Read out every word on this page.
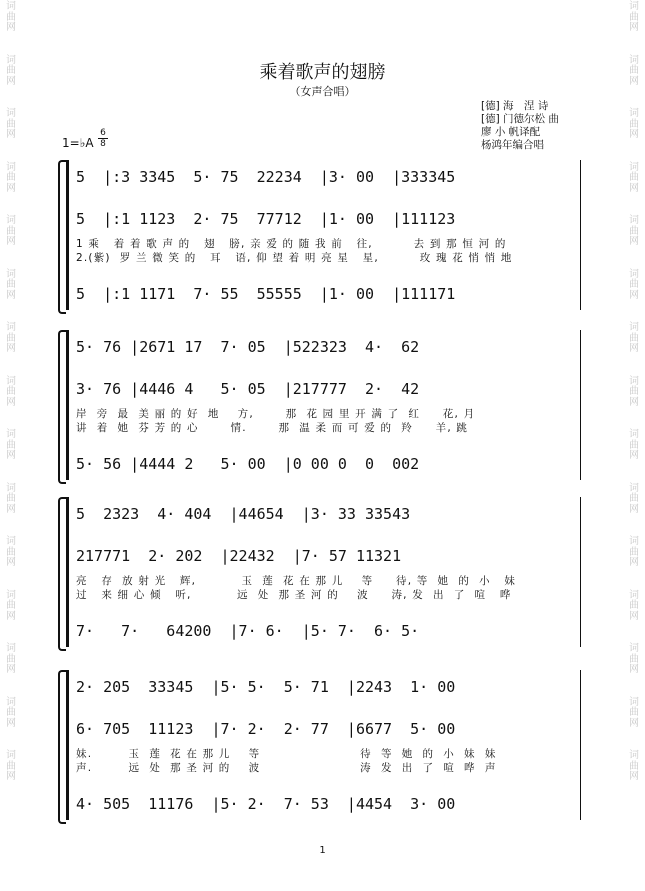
词
曲
网
词
曲
网
词
曲
网
词
曲
网
词
曲
网
词
曲
网
词
曲
网
词
曲
网
词
曲
网
词
曲
网
词
曲
网
词
曲
网
词
曲
网
词
曲
网
词
曲
网
词
曲
网
词
曲
网
词
曲
网
词
曲
网
词
曲
网
词
曲
网
词
曲
网
词
曲
网
词
曲
网
词
曲
网
词
曲
网
词
曲
网
词
曲
网
词
曲
网
词
曲
网
乘着歌声的翅膀
（女声合唱）
[德] 海　涅 诗
[德] 门德尔松 曲
廖 小 帆译配
杨鸿年编合唱
1=♭A
6
8
5  |:3 3345  5· 75  22234  |3· 00  |333345
5  |:1 1123  2· 75  77712  |1· 00  |111123
1 乘   着 着 歌 声 的   翅   膀, 亲 爱 的 随 我 前   往,         去 到 那 恒 河 的
2.(紫)  罗 兰 微 笑 的   耳   语, 仰 望 着 明 亮 星   星,         玫 瑰 花 悄 悄 地
5  |:1 1171  7· 55  55555  |1· 00  |111171
5· 76 |2671 17  7· 05  |522323  4·  62
3· 76 |4446 4   5· 05  |217777  2·  42
岸  旁  最  美 丽 的 好  地    方,       那  花 园 里 开 满 了  红     花, 月
讲  着  她  芬 芳 的 心       情.       那  温 柔 而 可 爱 的  羚     羊, 跳
5· 56 |4444 2   5· 00  |0 00 0  0  002
5  2323  4· 404  |44654  |3· 33 33543
217771  2· 202  |22432  |7· 57 11321
亮   存  放 射 光   辉,          玉  莲  花 在 那 儿    等     待, 等  她  的  小   妹
过   来 细 心 倾   听,          远  处  那 圣 河 的    波     涛, 发  出  了  喧   哗
7·   7·   64200  |7· 6·  |5· 7·  6· 5·
2· 205  33345  |5· 5·  5· 71  |2243  1· 00
6· 705  11123  |7· 2·  2· 77  |6677  5· 00
妹.        玉  莲  花 在 那 儿    等                      待  等  她  的  小  妹  妹
声.        远  处  那 圣 河 的    波                      涛  发  出  了  喧  哗  声
4· 505  11176  |5· 2·  7· 53  |4454  3· 00
1
